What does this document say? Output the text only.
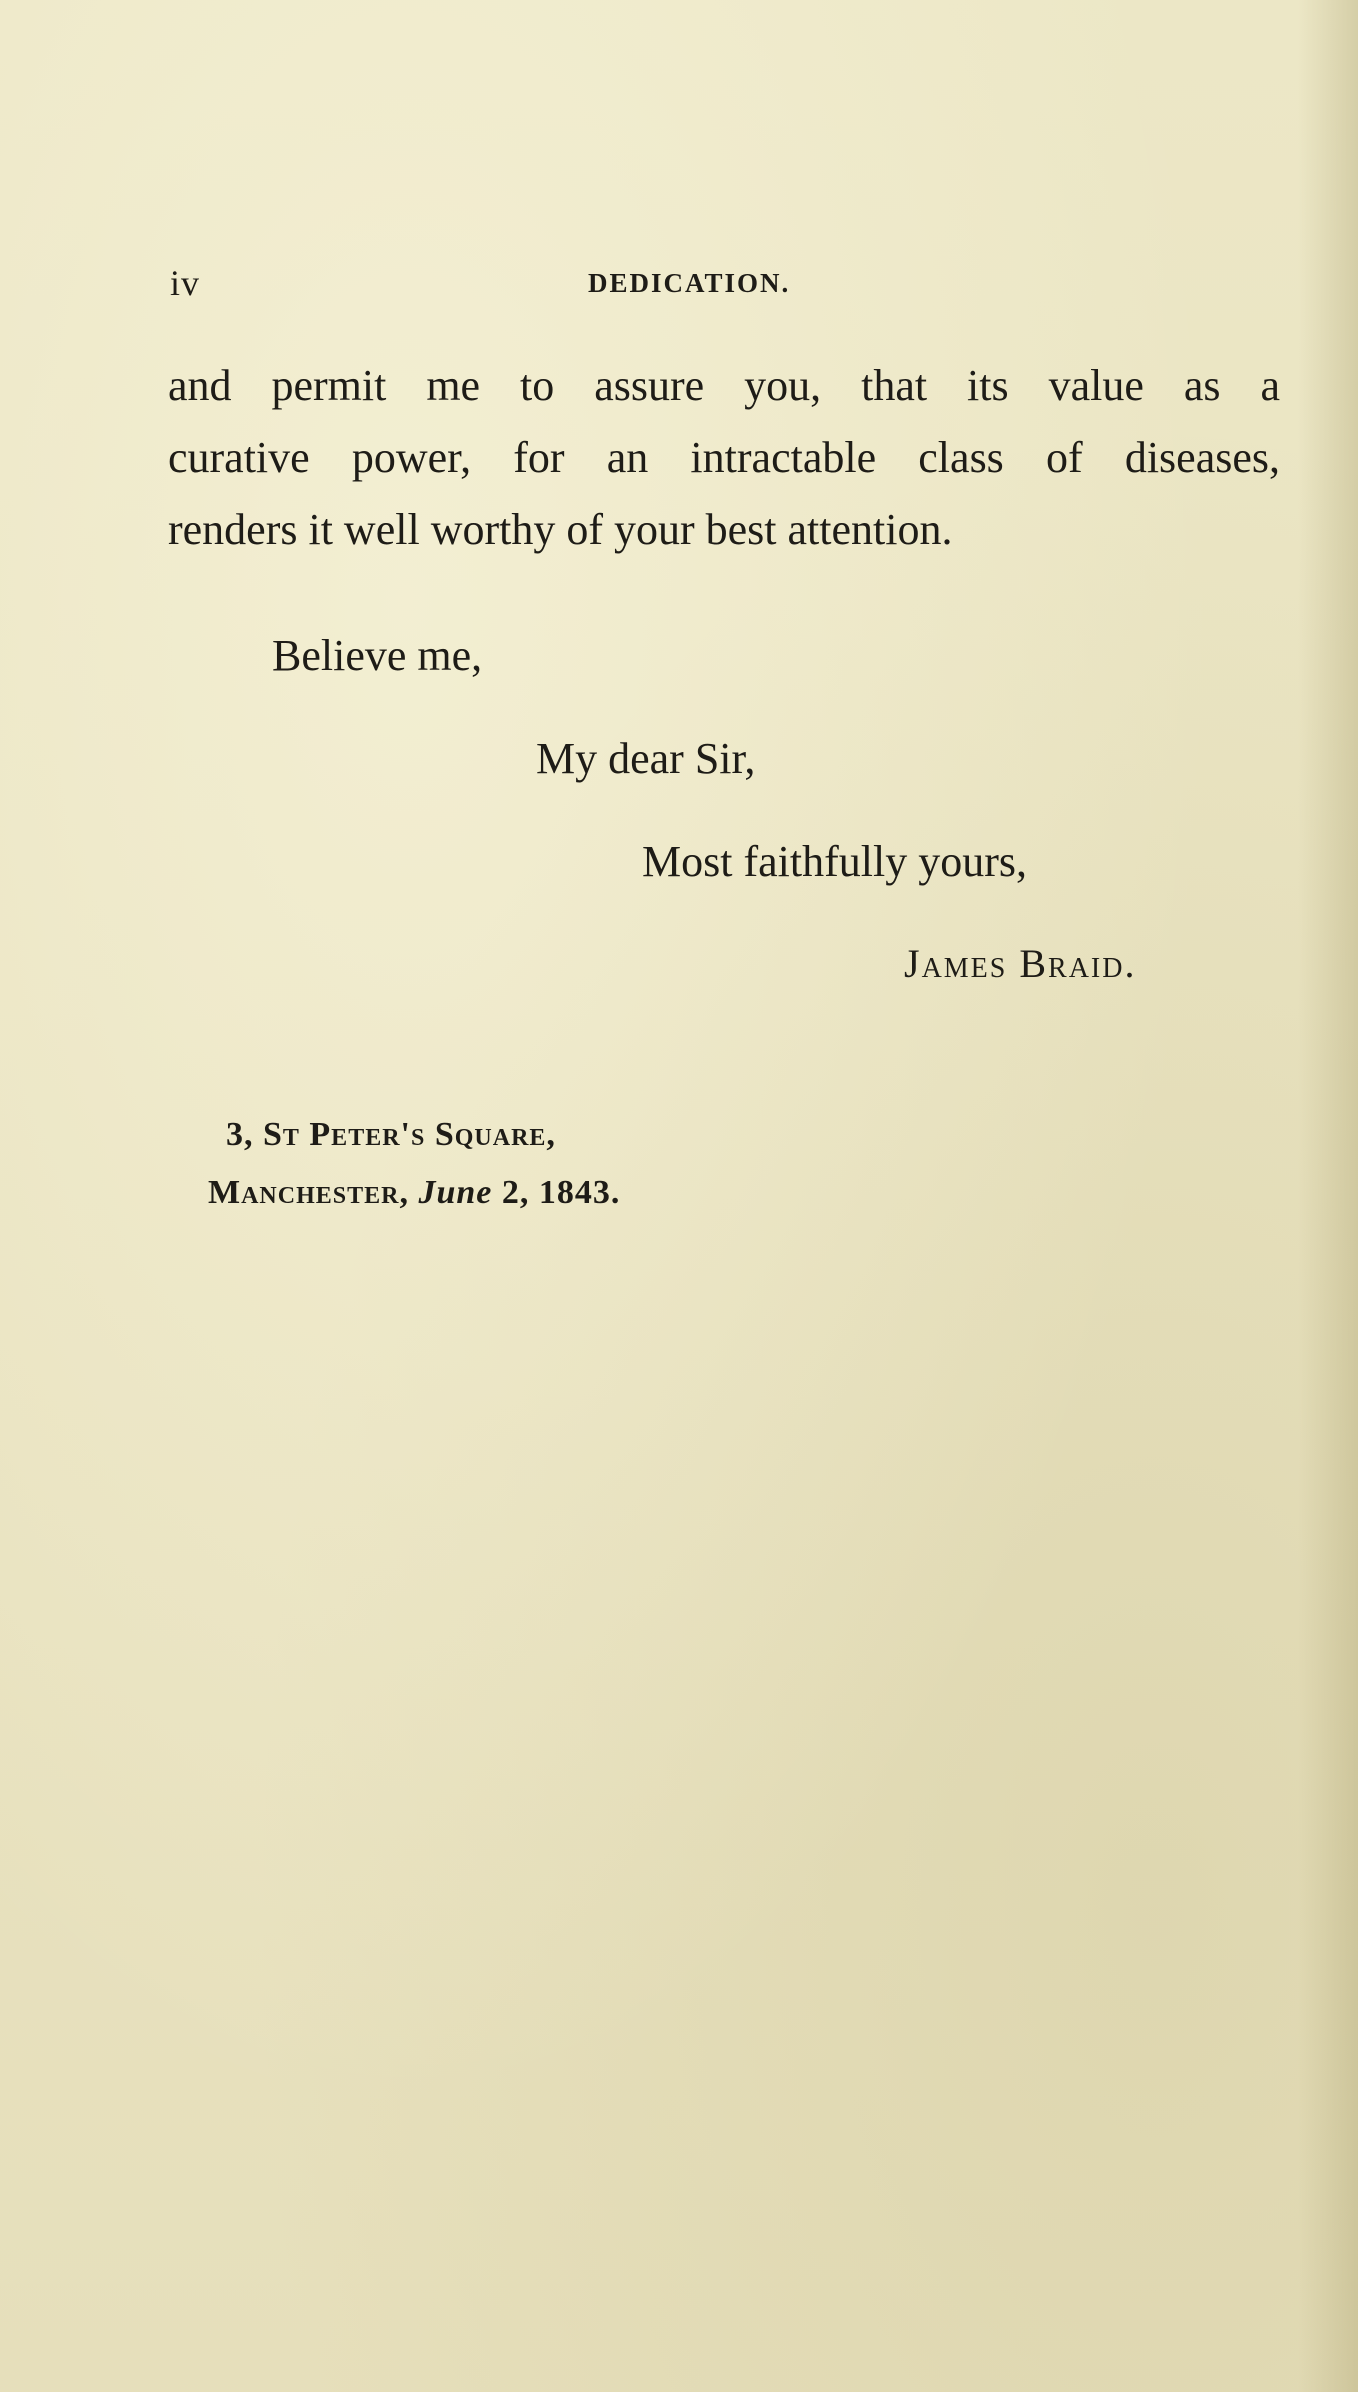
iv	DEDICATION.
and permit me to assure you, that its value as a
curative power, for an intractable class of diseases,
renders it well worthy of your best attention.
Believe me,
My dear Sir,
Most faithfully yours,
James Braid.
3, St Peter's Square,
Manchester, June 2, 1843.
